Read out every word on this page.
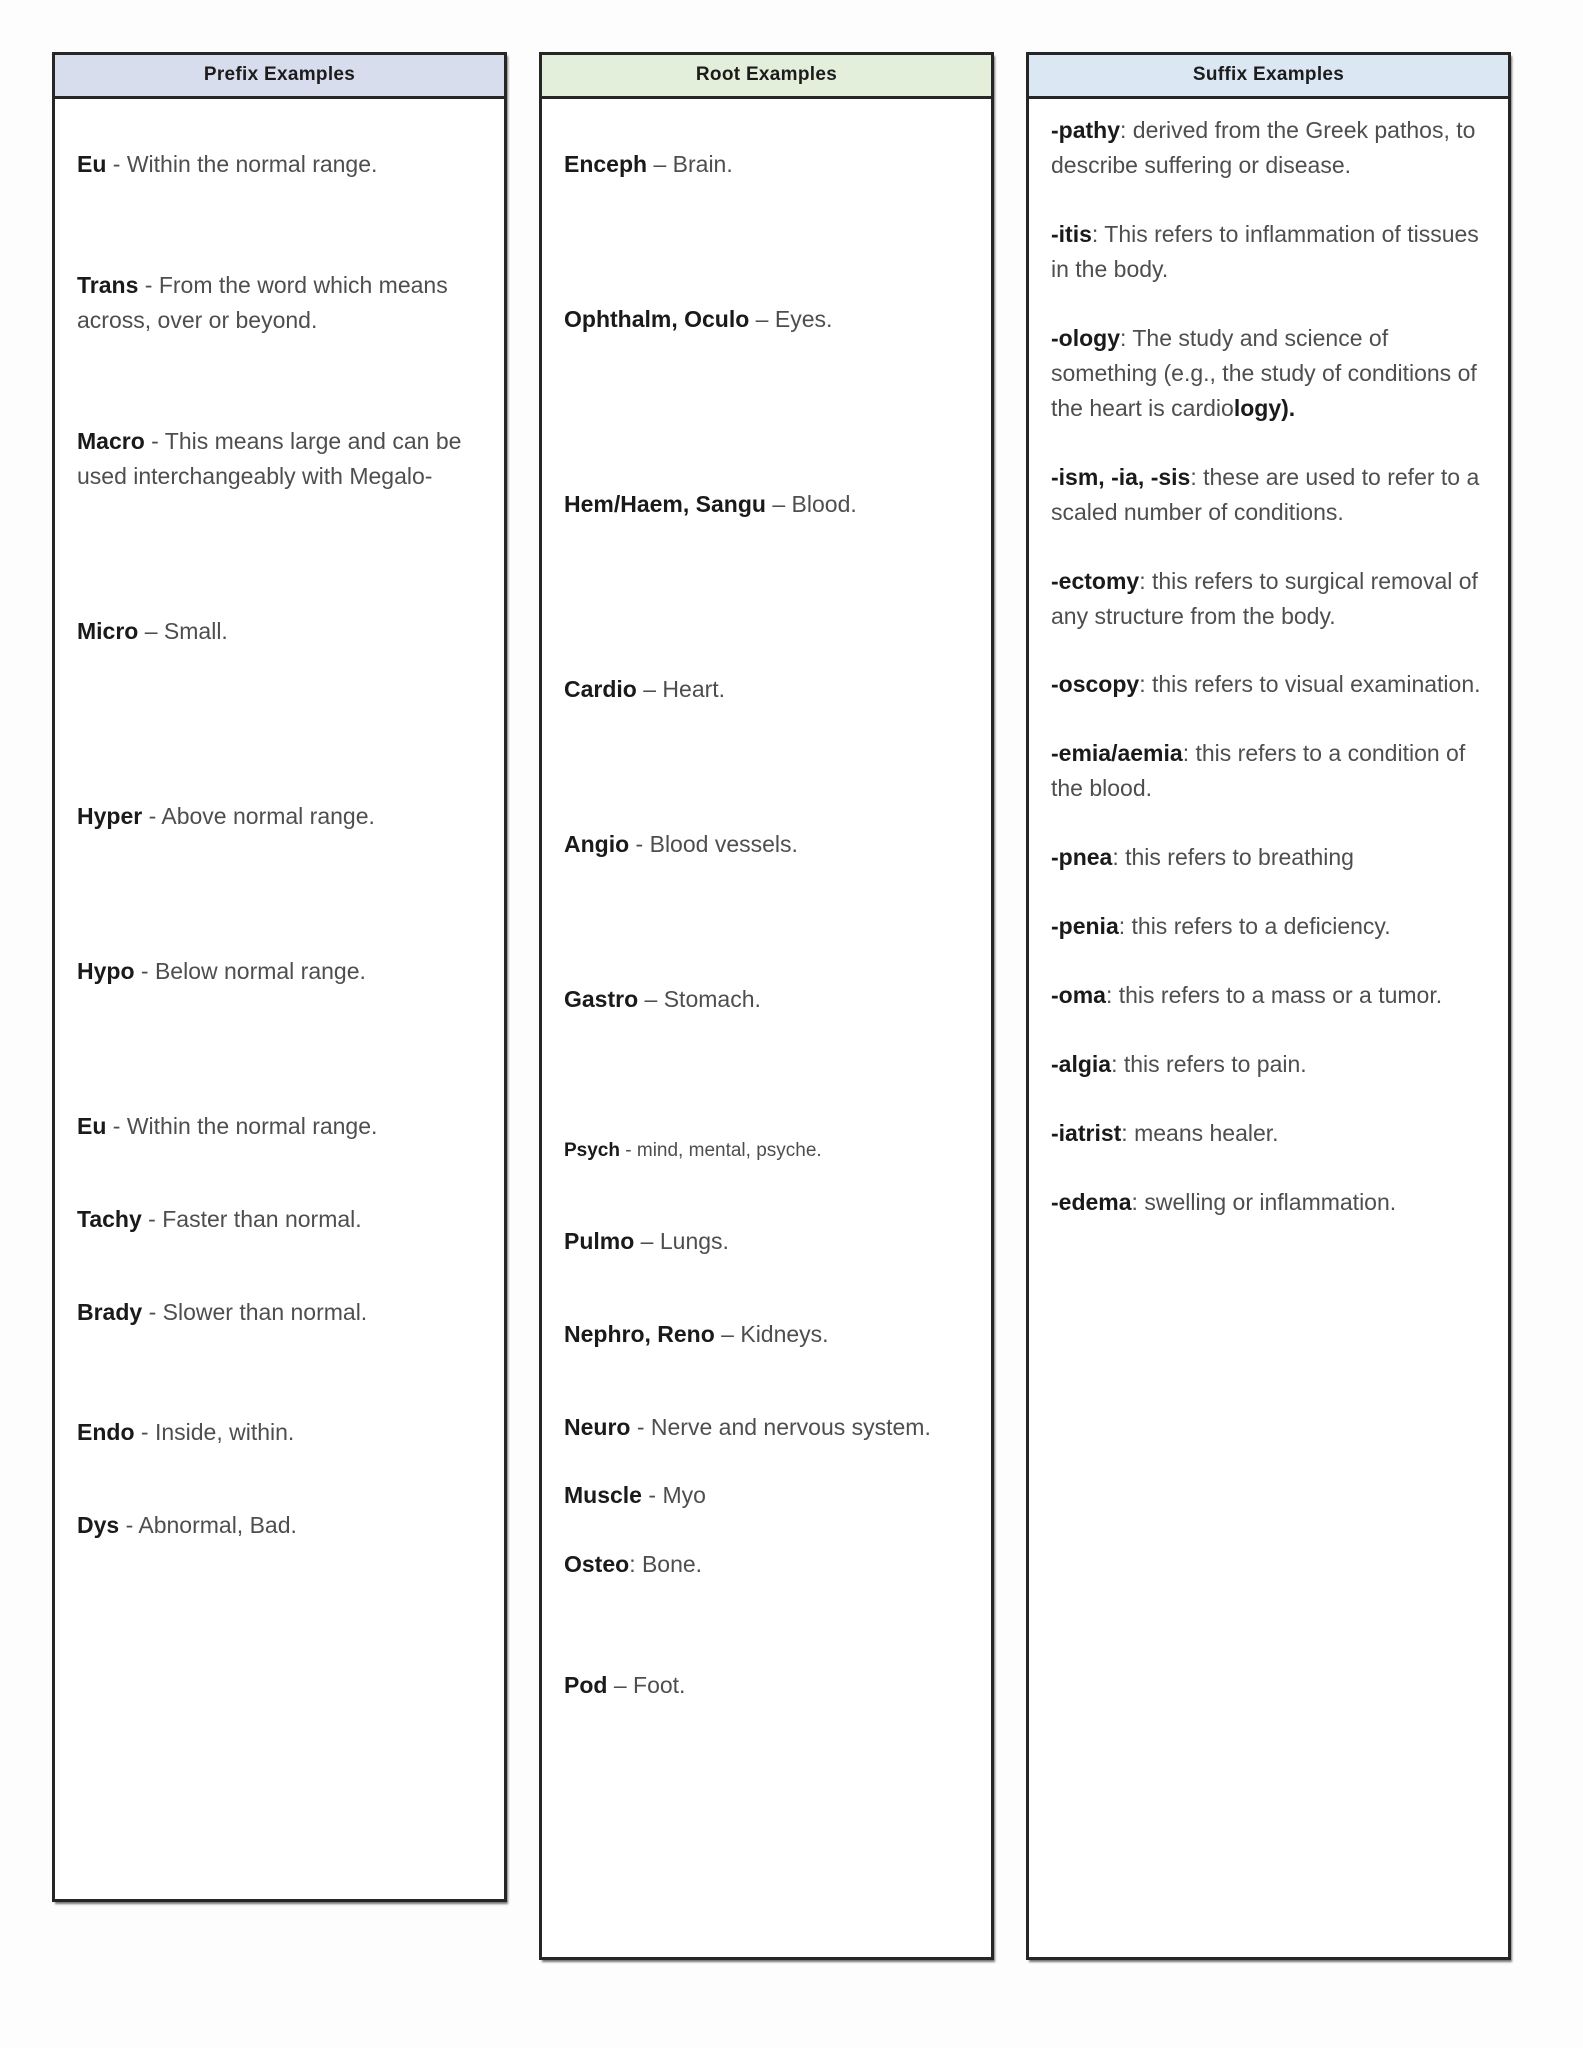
Prefix Examples

Eu - Within the normal range.

Trans - From the word which means across, over or beyond.

Macro - This means large and can be used interchangeably with Megalo-

Micro – Small.

Hyper - Above normal range.

Hypo - Below normal range.

Eu - Within the normal range.

Tachy - Faster than normal.

Brady - Slower than normal.

Endo - Inside, within.

Dys - Abnormal, Bad.

Root Examples

Enceph – Brain.

Ophthalm, Oculo – Eyes.

Hem/Haem, Sangu – Blood.

Cardio – Heart.

Angio - Blood vessels.

Gastro – Stomach.

Psych - mind, mental, psyche.

Pulmo – Lungs.

Nephro, Reno – Kidneys.

Neuro - Nerve and nervous system.

Muscle - Myo

Osteo: Bone.

Pod – Foot.

Suffix Examples

-pathy: derived from the Greek pathos, to describe suffering or disease.

-itis: This refers to inflammation of tissues in the body.

-ology: The study and science of something (e.g., the study of conditions of the heart is cardiology).

-ism, -ia, -sis: these are used to refer to a scaled number of conditions.

-ectomy: this refers to surgical removal of any structure from the body.

-oscopy: this refers to visual examination.

-emia/aemia: this refers to a condition of the blood.

-pnea: this refers to breathing

-penia: this refers to a deficiency.

-oma: this refers to a mass or a tumor.

-algia: this refers to pain.

-iatrist: means healer.

-edema: swelling or inflammation.
